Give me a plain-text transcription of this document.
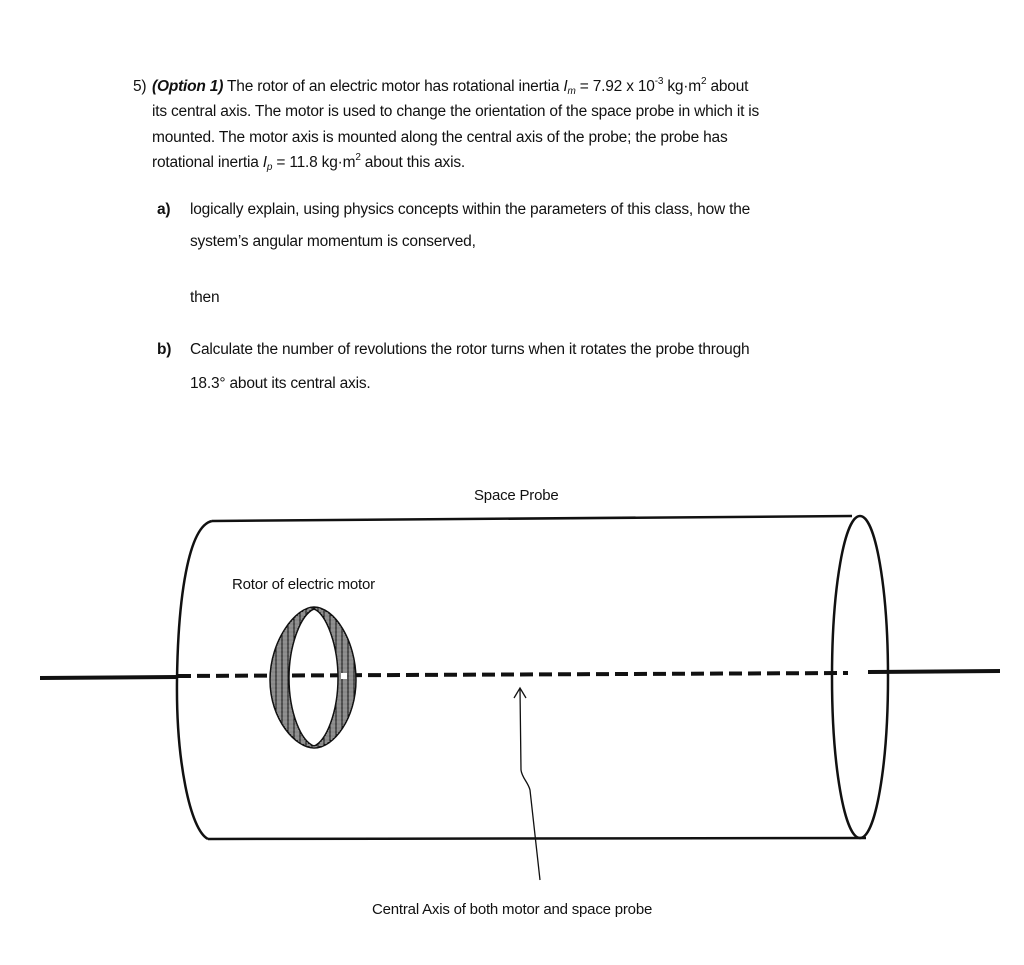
5) (Option 1) The rotor of an electric motor has rotational inertia $I_m = 7.92$ x $10^{-3}$ $kg\cdot m^2$ about
its central axis. The motor is used to change the orientation of the space probe in which it is
mounted. The motor axis is mounted along the central axis of the probe; the probe has
rotational inertia $I_p = 11.8$ $kg\cdot m^2$ about this axis.
a) logically explain, using physics concepts within the parameters of this class, how the
system’s angular momentum is conserved,
then
b) Calculate the number of revolutions the rotor turns when it rotates the probe through
18.3° about its central axis.
Space Probe
Rotor of electric motor
Central Axis of both motor and space probe
